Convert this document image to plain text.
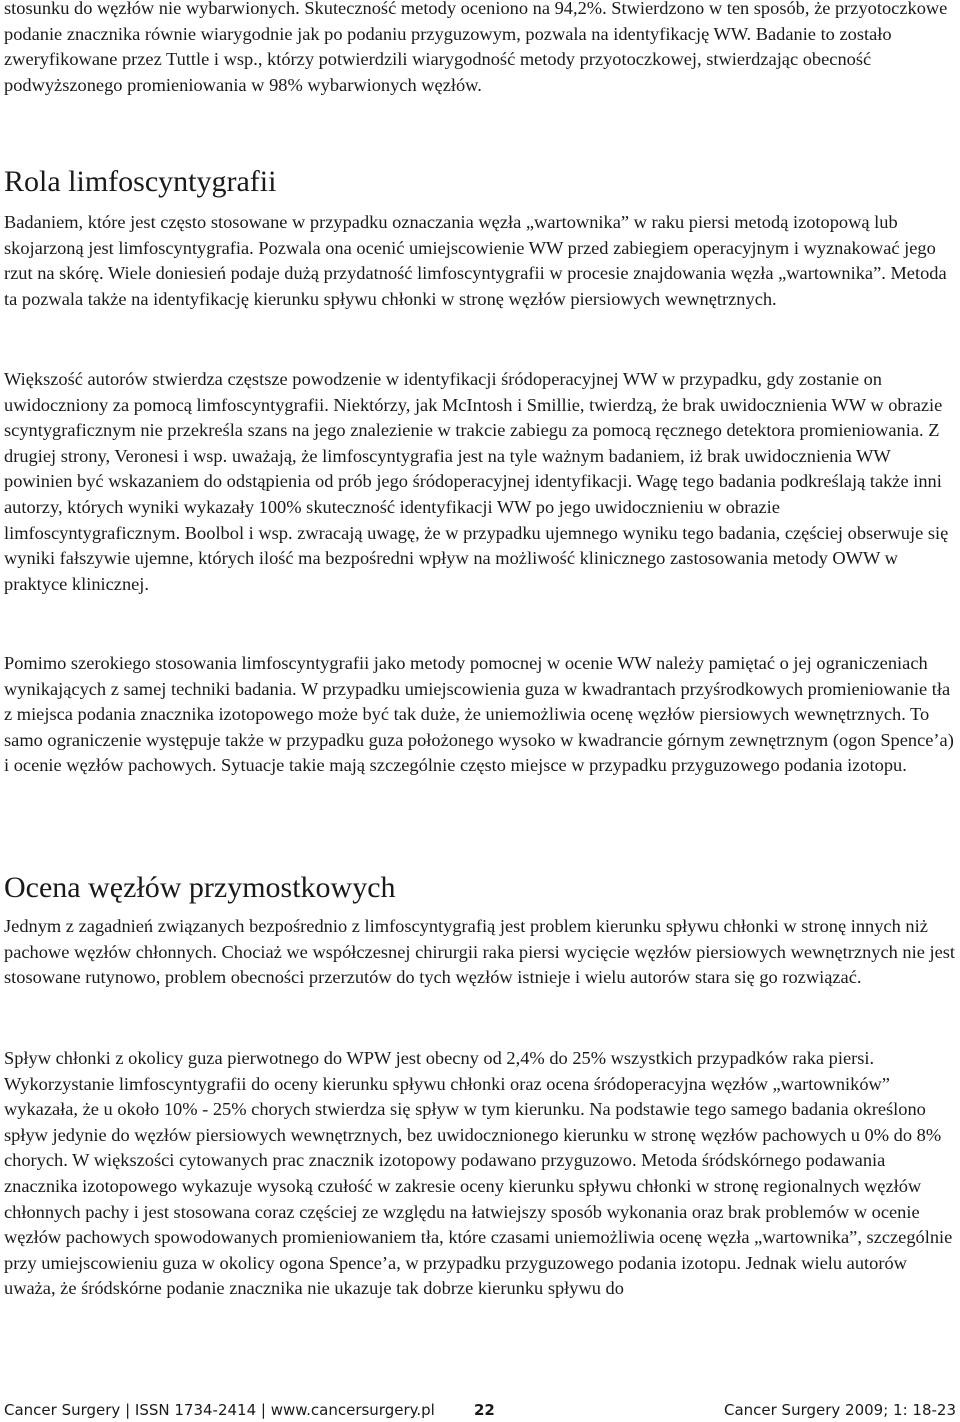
stosunku do węzłów nie wybarwionych. Skuteczność metody oceniono na 94,2%. Stwierdzono w ten sposób, że przyotoczkowe podanie znacznika równie wiarygodnie jak po podaniu przyguzowym, pozwala na identyfikację WW. Badanie to zostało zweryfikowane przez Tuttle i wsp., którzy potwierdzili wiarygodność metody przyotoczkowej, stwierdzając obecność podwyższonego promieniowania w 98% wybarwionych węzłów.

Rola limfoscyntygrafii

Badaniem, które jest często stosowane w przypadku oznaczania węzła „wartownika” w raku piersi metodą izotopową lub skojarzoną jest limfoscyntygrafia. Pozwala ona ocenić umiejscowienie WW przed zabiegiem operacyjnym i wyznakować jego rzut na skórę. Wiele doniesień podaje dużą przydatność limfoscyntygrafii w procesie znajdowania węzła „wartownika”. Metoda ta pozwala także na identyfikację kierunku spływu chłonki w stronę węzłów piersiowych wewnętrznych.

Większość autorów stwierdza częstsze powodzenie w identyfikacji śródoperacyjnej WW w przypadku, gdy zostanie on uwidoczniony za pomocą limfoscyntygrafii. Niektórzy, jak McIntosh i Smillie, twierdzą, że brak uwidocznienia WW w obrazie scyntygraficznym nie przekreśla szans na jego znalezienie w trakcie zabiegu za pomocą ręcznego detektora promieniowania. Z drugiej strony, Veronesi i wsp. uważają, że limfoscyntygrafia jest na tyle ważnym badaniem, iż brak uwidocznienia WW powinien być wskazaniem do odstąpienia od prób jego śródoperacyjnej identyfikacji. Wagę tego badania podkreślają także inni autorzy, których wyniki wykazały 100% skuteczność identyfikacji WW po jego uwidocznieniu w obrazie limfoscyntygraficznym. Boolbol i wsp. zwracają uwagę, że w przypadku ujemnego wyniku tego badania, częściej obserwuje się wyniki fałszywie ujemne, których ilość ma bezpośredni wpływ na możliwość klinicznego zastosowania metody OWW w praktyce klinicznej.

Pomimo szerokiego stosowania limfoscyntygrafii jako metody pomocnej w ocenie WW należy pamiętać o jej ograniczeniach wynikających z samej techniki badania. W przypadku umiejscowienia guza w kwadrantach przyśrodkowych promieniowanie tła z miejsca podania znacznika izotopowego może być tak duże, że uniemożliwia ocenę węzłów piersiowych wewnętrznych. To samo ograniczenie występuje także w przypadku guza położonego wysoko w kwadrancie górnym zewnętrznym (ogon Spence’a) i ocenie węzłów pachowych. Sytuacje takie mają szczególnie często miejsce w przypadku przyguzowego podania izotopu.

Ocena węzłów przymostkowych

Jednym z zagadnień związanych bezpośrednio z limfoscyntygrafią jest problem kierunku spływu chłonki w stronę innych niż pachowe węzłów chłonnych. Chociaż we współczesnej chirurgii raka piersi wycięcie węzłów piersiowych wewnętrznych nie jest stosowane rutynowo, problem obecności przerzutów do tych węzłów istnieje i wielu autorów stara się go rozwiązać.

Spływ chłonki z okolicy guza pierwotnego do WPW jest obecny od 2,4% do 25% wszystkich przypadków raka piersi. Wykorzystanie limfoscyntygrafii do oceny kierunku spływu chłonki oraz ocena śródoperacyjna węzłów „wartowników” wykazała, że u około 10% - 25% chorych stwierdza się spływ w tym kierunku. Na podstawie tego samego badania określono spływ jedynie do węzłów piersiowych wewnętrznych, bez uwidocznionego kierunku w stronę węzłów pachowych u 0% do 8% chorych. W większości cytowanych prac znacznik izotopowy podawano przyguzowo. Metoda śródskórnego podawania znacznika izotopowego wykazuje wysoką czułość w zakresie oceny kierunku spływu chłonki w stronę regionalnych węzłów chłonnych pachy i jest stosowana coraz częściej ze względu na łatwiejszy sposób wykonania oraz brak problemów w ocenie węzłów pachowych spowodowanych promieniowaniem tła, które czasami uniemożliwia ocenę węzła „wartownika”, szczególnie przy umiejscowieniu guza w okolicy ogona Spence’a, w przypadku przyguzowego podania izotopu. Jednak wielu autorów uważa, że śródskórne podanie znacznika nie ukazuje tak dobrze kierunku spływu do

Cancer Surgery | ISSN 1734-2414 | www.cancersurgery.pl	22	Cancer Surgery 2009; 1: 18-23
